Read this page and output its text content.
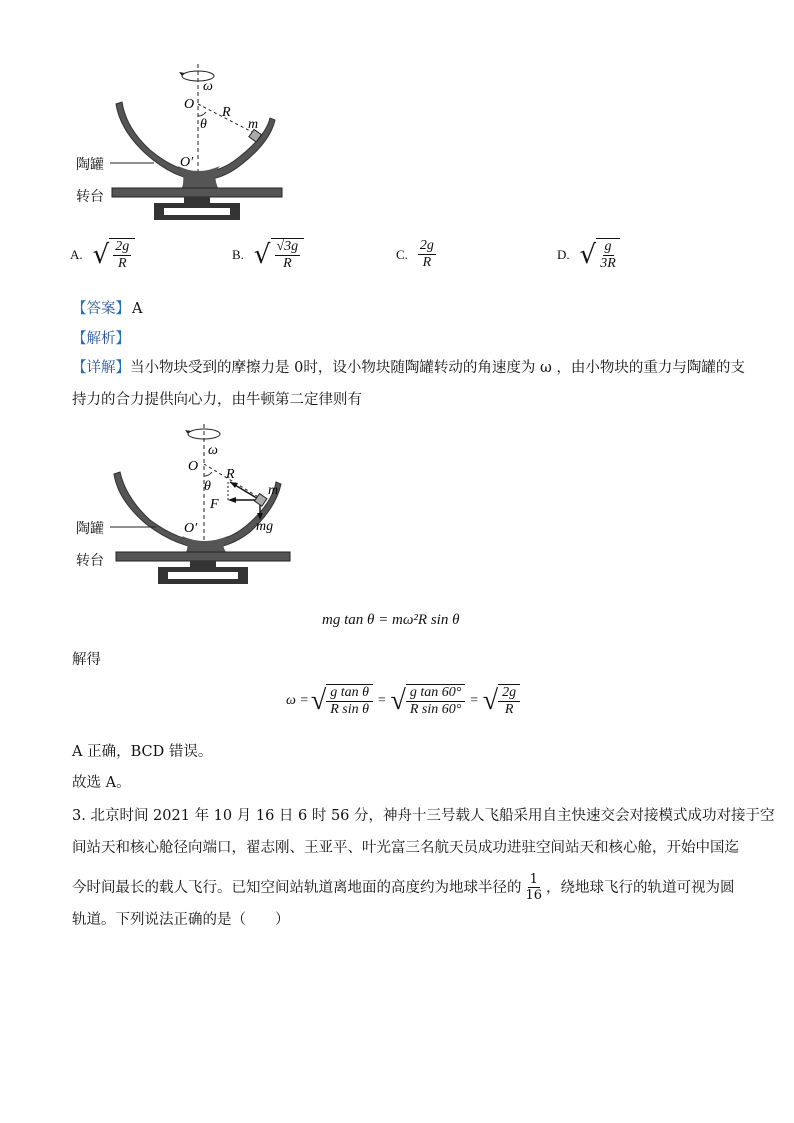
ω
O
R
θ	m
O′
陶罐
转台
A. √ $\frac{2g}{R}$	B. √ $\frac{√3g}{R}$	C. $\frac{2g}{R}$	D. √ $\frac{g}{3R}$
【答案】 A
【解析】
【详解】当小物块受到的摩擦力是 0时，设小物块随陶罐转动的角速度为 ω ，由小物块的重力与陶罐的支
持力的合力提供向心力，由牛顿第二定律则有
ω
O
R
θ
F
m
mg
O′
陶罐
转台
mg tan θ = mω²R sin θ
解得
ω = √ $\frac{\text{g tan θ}}{\text{R sin θ}}$ = √ $\frac{\text{g tan 60°}}{\text{R sin 60°}}$ = √ 2g
R
A 正确，BCD 错误。
故选 A。
3. 北京时间 2021 年 10 月 16 日 6 时 56 分，神舟十三号载人飞船采用自主快速交会对接模式成功对接于空
间站天和核心舱径向端口，翟志刚、王亚平、叶光富三名航天员成功进驻空间站天和核心舱，开始中国迄
今时间最长的载人飞行。已知空间站轨道离地面的高度约为地球半径的 $\frac{1}{16}$ ，绕地球飞行的轨道可视为圆
轨道。下列说法正确的是（　　）
